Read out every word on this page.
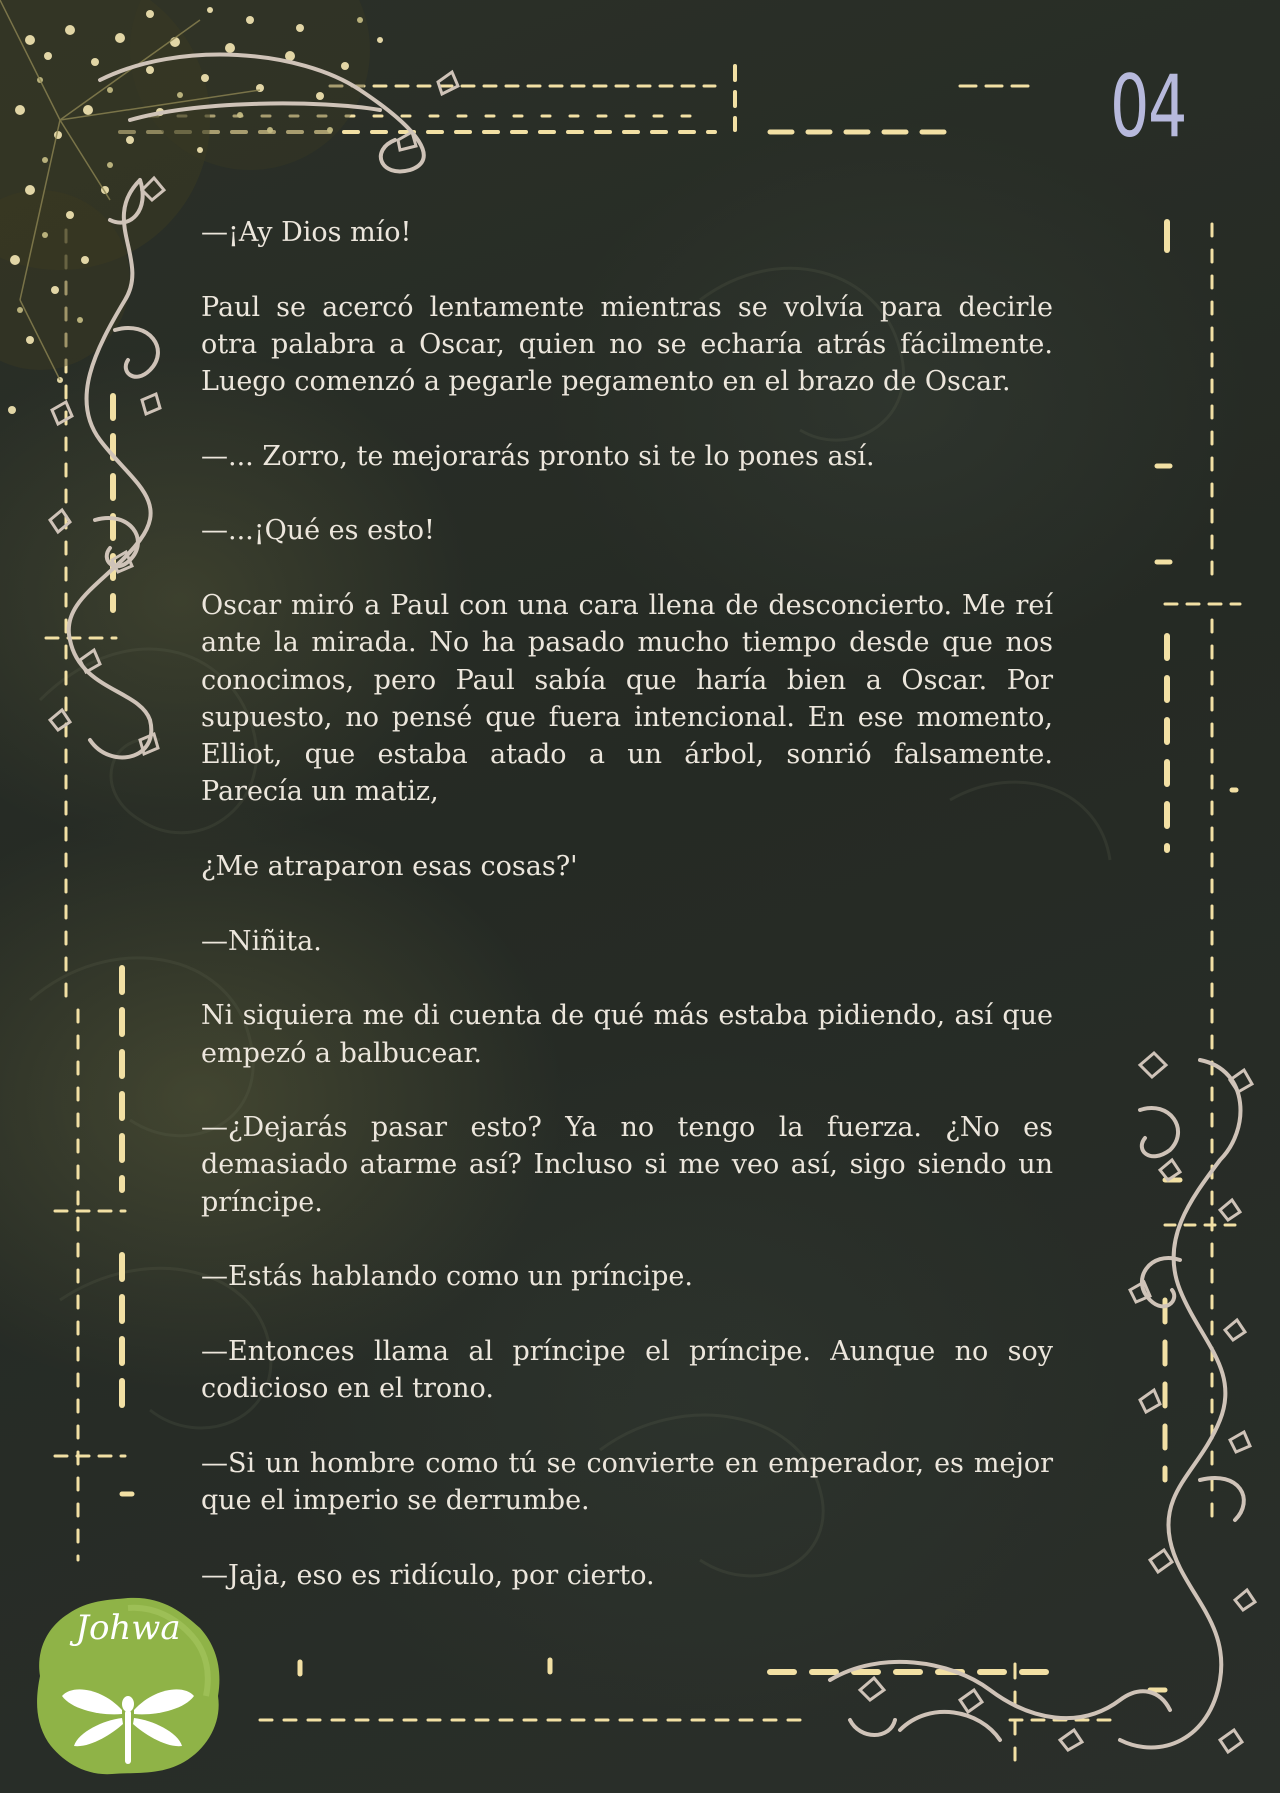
04

—¡Ay Dios mío!

Paul se acercó lentamente mientras se volvía para decirle otra palabra a Oscar, quien no se echaría atrás fácilmente. Luego comenzó a pegarle pegamento en el brazo de Oscar.

—... Zorro, te mejorarás pronto si te lo pones así.

—...¡Qué es esto!

Oscar miró a Paul con una cara llena de desconcierto. Me reí ante la mirada. No ha pasado mucho tiempo desde que nos conocimos, pero Paul sabía que haría bien a Oscar. Por supuesto, no pensé que fuera intencional. En ese momento, Elliot, que estaba atado a un árbol, sonrió falsamente. Parecía un matiz,

¿Me atraparon esas cosas?'

—Niñita.

Ni siquiera me di cuenta de qué más estaba pidiendo, así que empezó a balbucear.

—¿Dejarás pasar esto? Ya no tengo la fuerza. ¿No es demasiado atarme así? Incluso si me veo así, sigo siendo un príncipe.

—Estás hablando como un príncipe.

—Entonces llama al príncipe el príncipe. Aunque no soy codicioso en el trono.

—Si un hombre como tú se convierte en emperador, es mejor que el imperio se derrumbe.

—Jaja, eso es ridículo, por cierto.

Johwa
